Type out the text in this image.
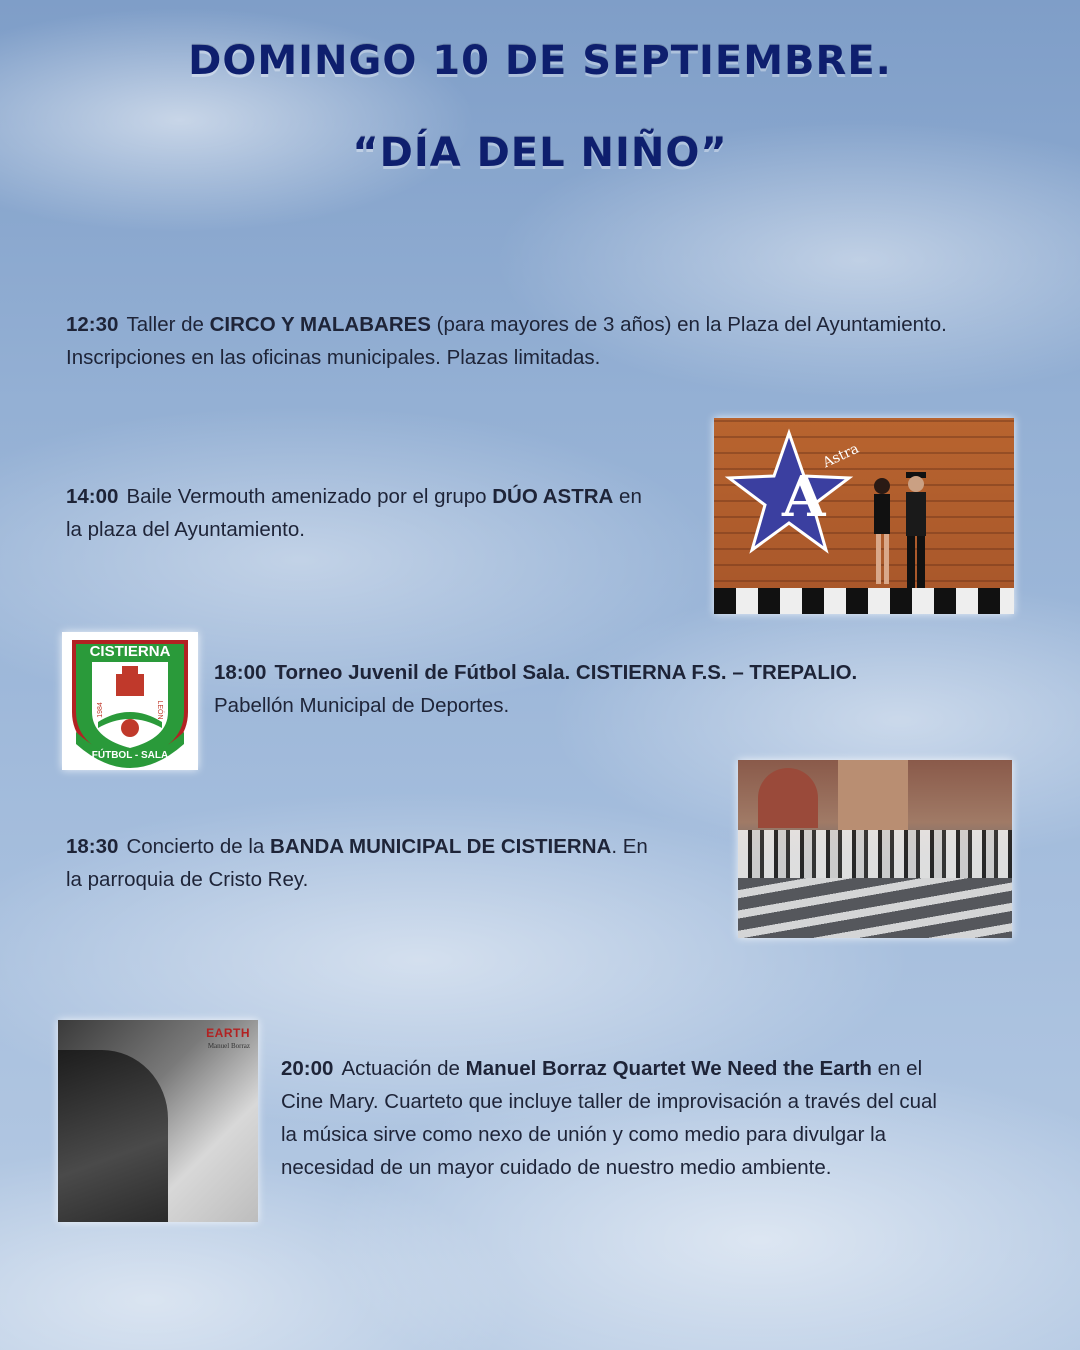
DOMINGO 10 DE SEPTIEMBRE.
“DÍA DEL NIÑO”
12:30 Taller de CIRCO Y MALABARES (para mayores de 3 años) en la Plaza del Ayuntamiento.
Inscripciones en las oficinas municipales. Plazas limitadas.
14:00 Baile Vermouth amenizado por el grupo DÚO ASTRA en
la plaza del Ayuntamiento.	A
Astra
CISTIERNA
FÚTBOL - SALA
1984	LEÓN
18:00 Torneo Juvenil de Fútbol Sala. CISTIERNA F.S. – TREPALIO.
Pabellón Municipal de Deportes.
18:30 Concierto de la BANDA MUNICIPAL DE CISTIERNA. En
la parroquia de Cristo Rey.
EARTH
Manuel Borraz
20:00 Actuación de Manuel Borraz Quartet We Need the Earth en el
Cine Mary. Cuarteto que incluye taller de improvisación a través del cual
la música sirve como nexo de unión y como medio para divulgar la
necesidad de un mayor cuidado de nuestro medio ambiente.
